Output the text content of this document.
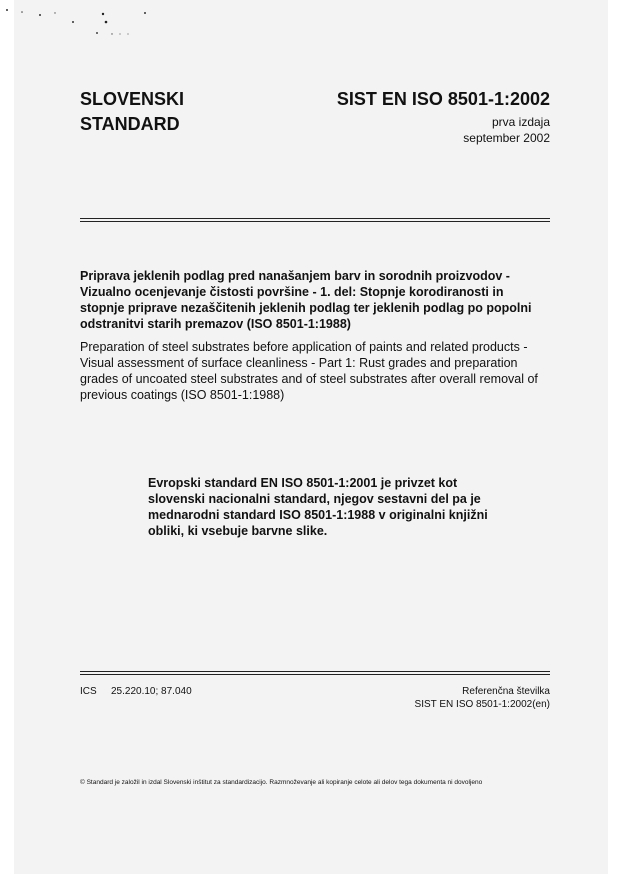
SLOVENSKI
STANDARD
SIST EN ISO 8501-1:2002
prva izdaja
september 2002
Priprava jeklenih podlag pred nanašanjem barv in sorodnih proizvodov - Vizualno ocenjevanje čistosti površine - 1. del: Stopnje korodiranosti in stopnje priprave nezaščitenih jeklenih podlag ter jeklenih podlag po popolni odstranitvi starih premazov (ISO 8501-1:1988)
Preparation of steel substrates before application of paints and related products - Visual assessment of surface cleanliness - Part 1: Rust grades and preparation grades of uncoated steel substrates and of steel substrates after overall removal of previous coatings (ISO 8501-1:1988)
Evropski standard EN ISO 8501-1:2001 je privzet kot slovenski nacionalni standard, njegov sestavni del pa je mednarodni standard ISO 8501-1:1988 v originalni knjižni obliki, ki vsebuje barvne slike.
ICS 25.220.10; 87.040	Referenčna številka
SIST EN ISO 8501-1:2002(en)
© Standard je založil in izdal Slovenski inštitut za standardizacijo. Razmnoževanje ali kopiranje celote ali delov tega dokumenta ni dovoljeno
